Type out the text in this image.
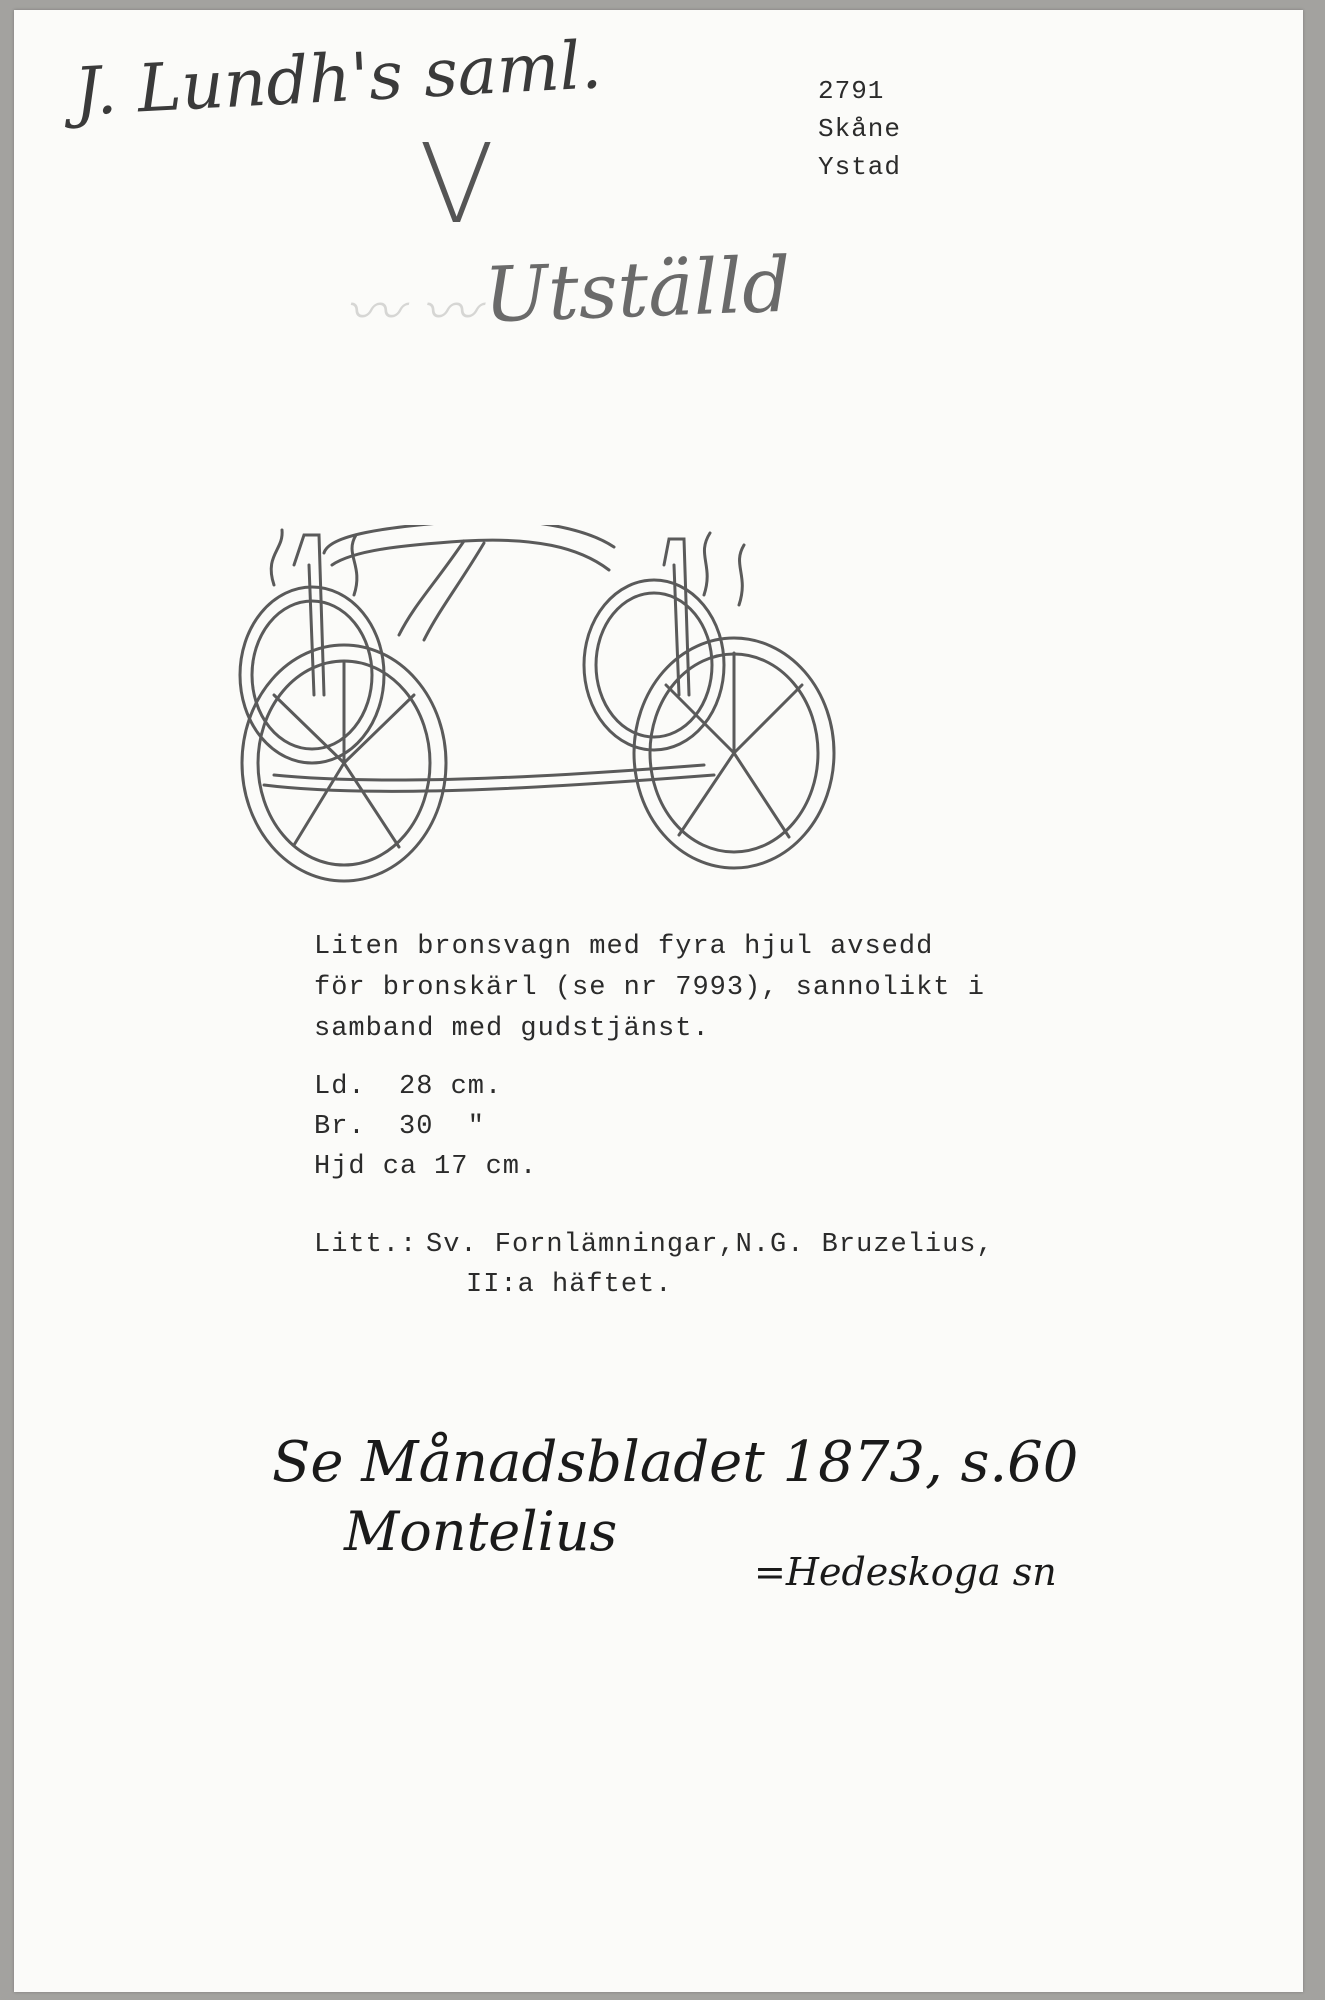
〰 〰
J. Lundh's saml.
V
2791
Skåne
Ystad
Utställd
Liten bronsvagn med fyra hjul avsedd
för bronskärl (se nr 7993), sannolikt i
samband med gudstjänst.
Ld. 28 cm.
Br. 30  "
Hjd ca 17 cm.
Litt.: Sv. Fornlämningar,N.G. Bruzelius,
II:a häftet.
Se Månadsbladet 1873, s.60
Montelius
=Hedeskoga sn
